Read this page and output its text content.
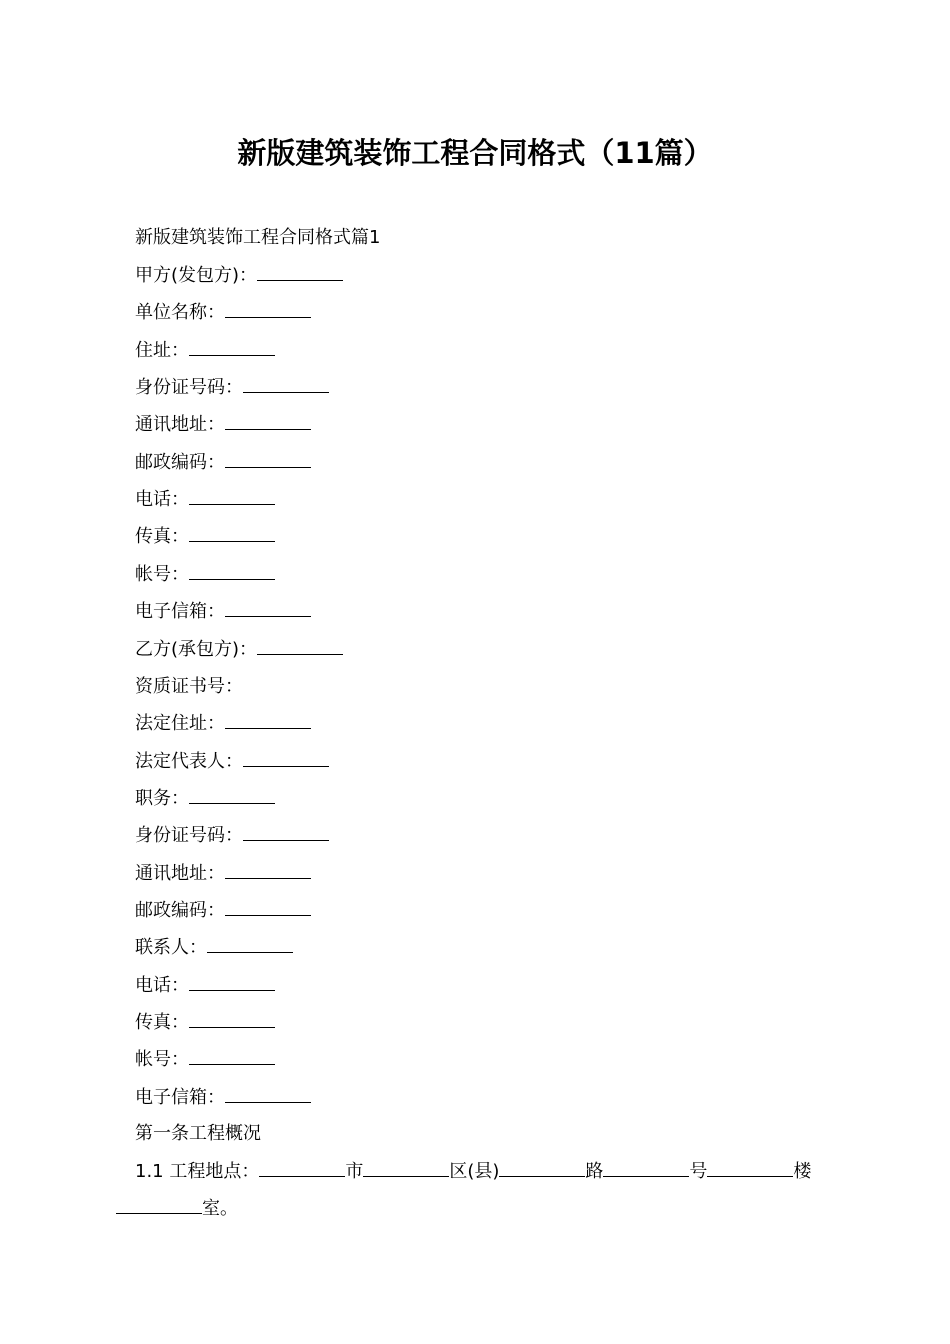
新版建筑装饰工程合同格式（11篇）
新版建筑装饰工程合同格式篇1
甲方(发包方)：
单位名称：
住址：
身份证号码：
通讯地址：
邮政编码：
电话：
传真：
帐号：
电子信箱：
乙方(承包方)：
资质证书号：
法定住址：
法定代表人：
职务：
身份证号码：
通讯地址：
邮政编码：
联系人：
电话：
传真：
帐号：
电子信箱：
第一条工程概况
1.1 工程地点：	市	区(县)	路	号	楼
室。
